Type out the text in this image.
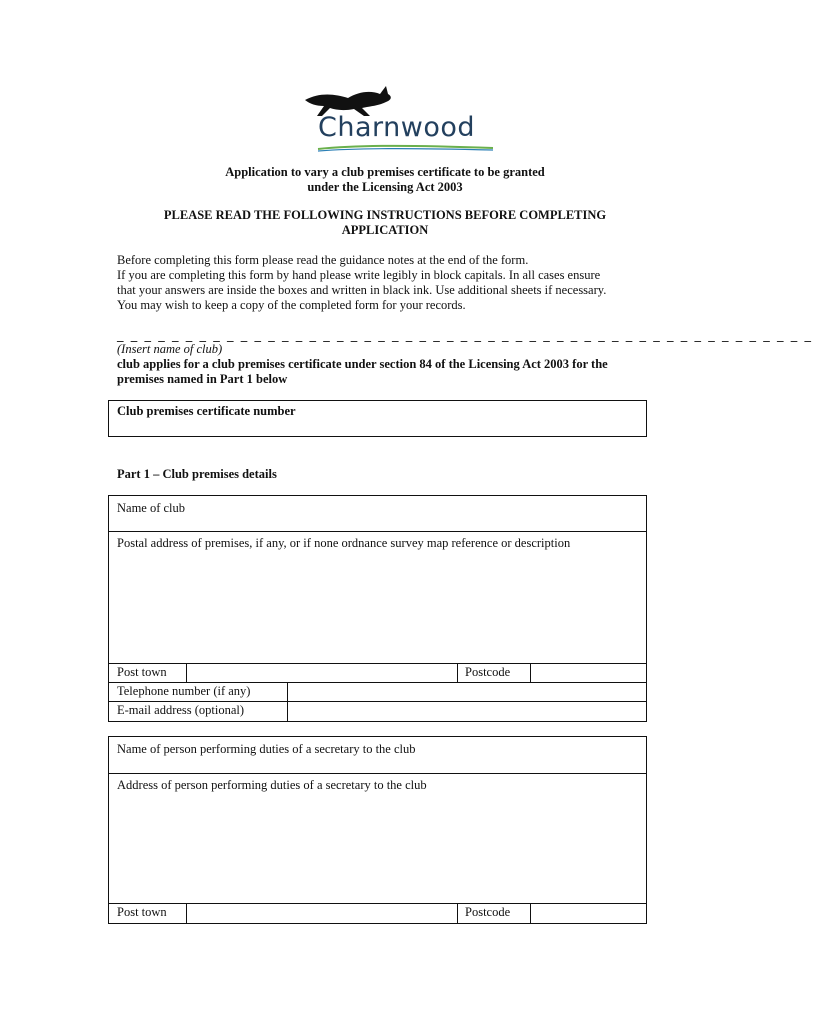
Charnwood
Application to vary a club premises certificate to be granted
under the Licensing Act 2003
PLEASE READ THE FOLLOWING INSTRUCTIONS BEFORE COMPLETING
APPLICATION
Before completing this form please read the guidance notes at the end of the form.
If you are completing this form by hand please write legibly in block capitals. In all cases ensure
that your answers are inside the boxes and written in black ink. Use additional sheets if necessary.
You may wish to keep a copy of the completed form for your records.
_ _ _ _ _ _ _ _ _ _ _ _ _ _ _ _ _ _ _ _ _ _ _ _ _ _ _ _ _ _ _ _ _ _ _ _ _ _ _ _ _ _ _ _ _ _ _ _ _ _ _
(Insert name of club)
club applies for a club premises certificate under section 84 of the Licensing Act 2003 for the
premises named in Part 1 below
Club premises certificate number
Part 1 – Club premises details
Name of club
Postal address of premises, if any, or if none ordnance survey map reference or description
Post town	Postcode
Telephone number (if any)
E-mail address (optional)
Name of person performing duties of a secretary to the club
Address of person performing duties of a secretary to the club
Post town	Postcode
